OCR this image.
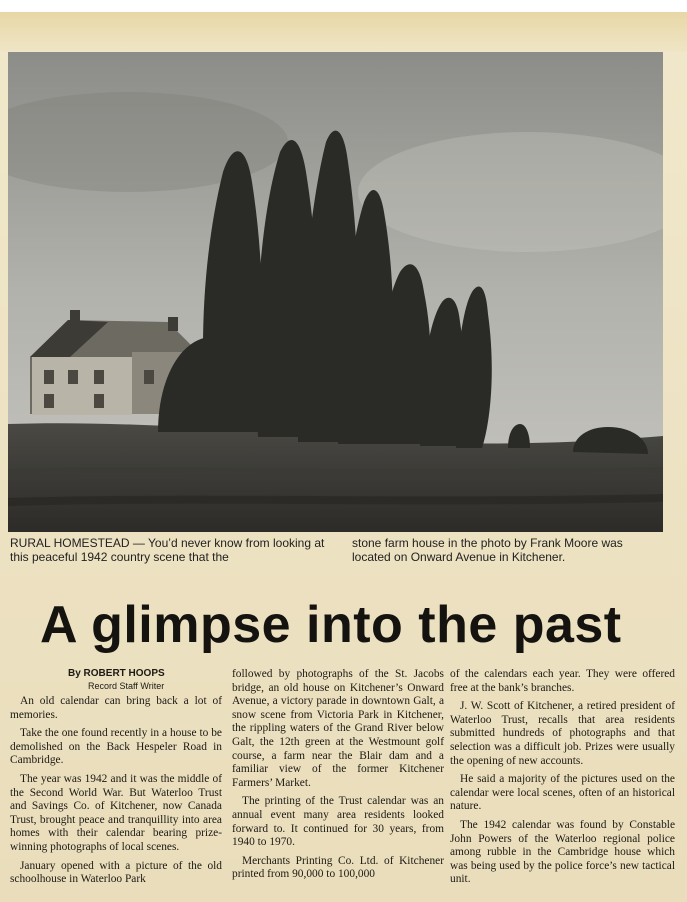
RURAL HOMESTEAD — You’d never know from looking at this peaceful 1942 country scene that the
stone farm house in the photo by Frank Moore was located on Onward Avenue in Kitchener.
A glimpse into the past
By ROBERT HOOPS
Record Staff Writer

An old calendar can bring back a lot of memories.

Take the one found recently in a house to be demolished on the Back Hespeler Road in Cambridge.

The year was 1942 and it was the middle of the Second World War. But Waterloo Trust and Savings Co. of Kitchener, now Canada Trust, brought peace and tranquillity into area homes with their calendar bearing prize-winning photographs of local scenes.

January opened with a picture of the old schoolhouse in Waterloo Park

followed by photographs of the St. Jacobs bridge, an old house on Kitchener’s Onward Avenue, a victory parade in downtown Galt, a snow scene from Victoria Park in Kitchener, the rippling waters of the Grand River below Galt, the 12th green at the Westmount golf course, a farm near the Blair dam and a familiar view of the former Kitchener Farmers’ Market.

The printing of the Trust calendar was an annual event many area residents looked forward to. It continued for 30 years, from 1940 to 1970.

Merchants Printing Co. Ltd. of Kitchener printed from 90,000 to 100,000

of the calendars each year. They were offered free at the bank’s branches.

J. W. Scott of Kitchener, a retired president of Waterloo Trust, recalls that area residents submitted hundreds of photographs and that selection was a difficult job. Prizes were usually the opening of new accounts.

He said a majority of the pictures used on the calendar were local scenes, often of an historical nature.

The 1942 calendar was found by Constable John Powers of the Waterloo regional police among rubble in the Cambridge house which was being used by the police force’s new tactical unit.
